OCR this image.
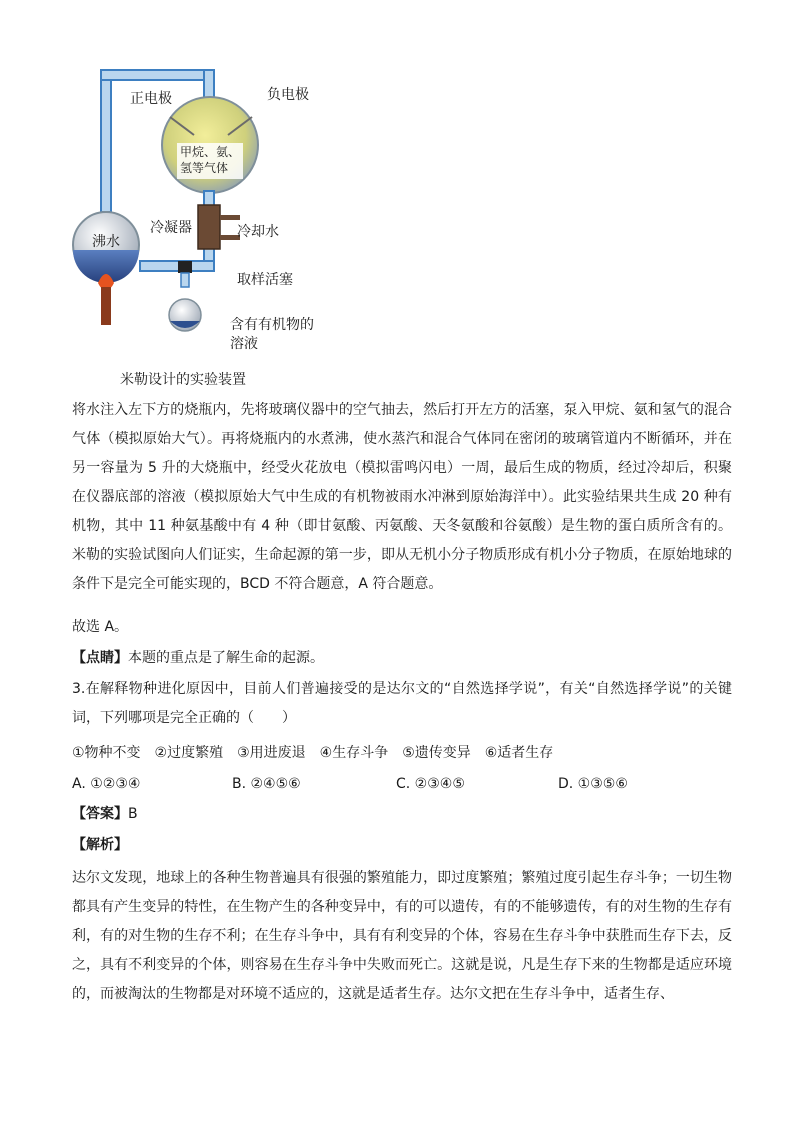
正电极	负电极
甲烷、氨、
氢等气体
冷凝器	冷却水
沸水
取样活塞
含有有机物的
溶液
米勒设计的实验装置
将水注入左下方的烧瓶内，先将玻璃仪器中的空气抽去，然后打开左方的活塞，泵入甲烷、氨和氢气的混合气体（模拟原始大气）。再将烧瓶内的水煮沸，使水蒸汽和混合气体同在密闭的玻璃管道内不断循环，并在另一容量为 5 升的大烧瓶中，经受火花放电（模拟雷鸣闪电）一周，最后生成的物质，经过冷却后，积聚在仪器底部的溶液（模拟原始大气中生成的有机物被雨水冲淋到原始海洋中）。此实验结果共生成 20 种有机物，其中 11 种氨基酸中有 4 种（即甘氨酸、丙氨酸、天冬氨酸和谷氨酸）是生物的蛋白质所含有的。米勒的实验试图向人们证实，生命起源的第一步，即从无机小分子物质形成有机小分子物质，在原始地球的条件下是完全可能实现的，BCD 不符合题意，A 符合题意。
故选 A。
【点睛】本题的重点是了解生命的起源。
3.在解释物种进化原因中，目前人们普遍接受的是达尔文的“自然选择学说”，有关“自然选择学说”的关键词，下列哪项是完全正确的（　　）
①物种不变　②过度繁殖　③用进废退　④生存斗争　⑤遗传变异　⑥适者生存
A. ①②③④	B. ②④⑤⑥	C. ②③④⑤	D. ①③⑤⑥
【答案】B
【解析】
达尔文发现，地球上的各种生物普遍具有很强的繁殖能力，即过度繁殖；繁殖过度引起生存斗争；一切生物都具有产生变异的特性，在生物产生的各种变异中，有的可以遗传，有的不能够遗传，有的对生物的生存有利，有的对生物的生存不利；在生存斗争中，具有有利变异的个体，容易在生存斗争中获胜而生存下去，反之，具有不利变异的个体，则容易在生存斗争中失败而死亡。这就是说，凡是生存下来的生物都是适应环境的，而被淘汰的生物都是对环境不适应的，这就是适者生存。达尔文把在生存斗争中，适者生存、
